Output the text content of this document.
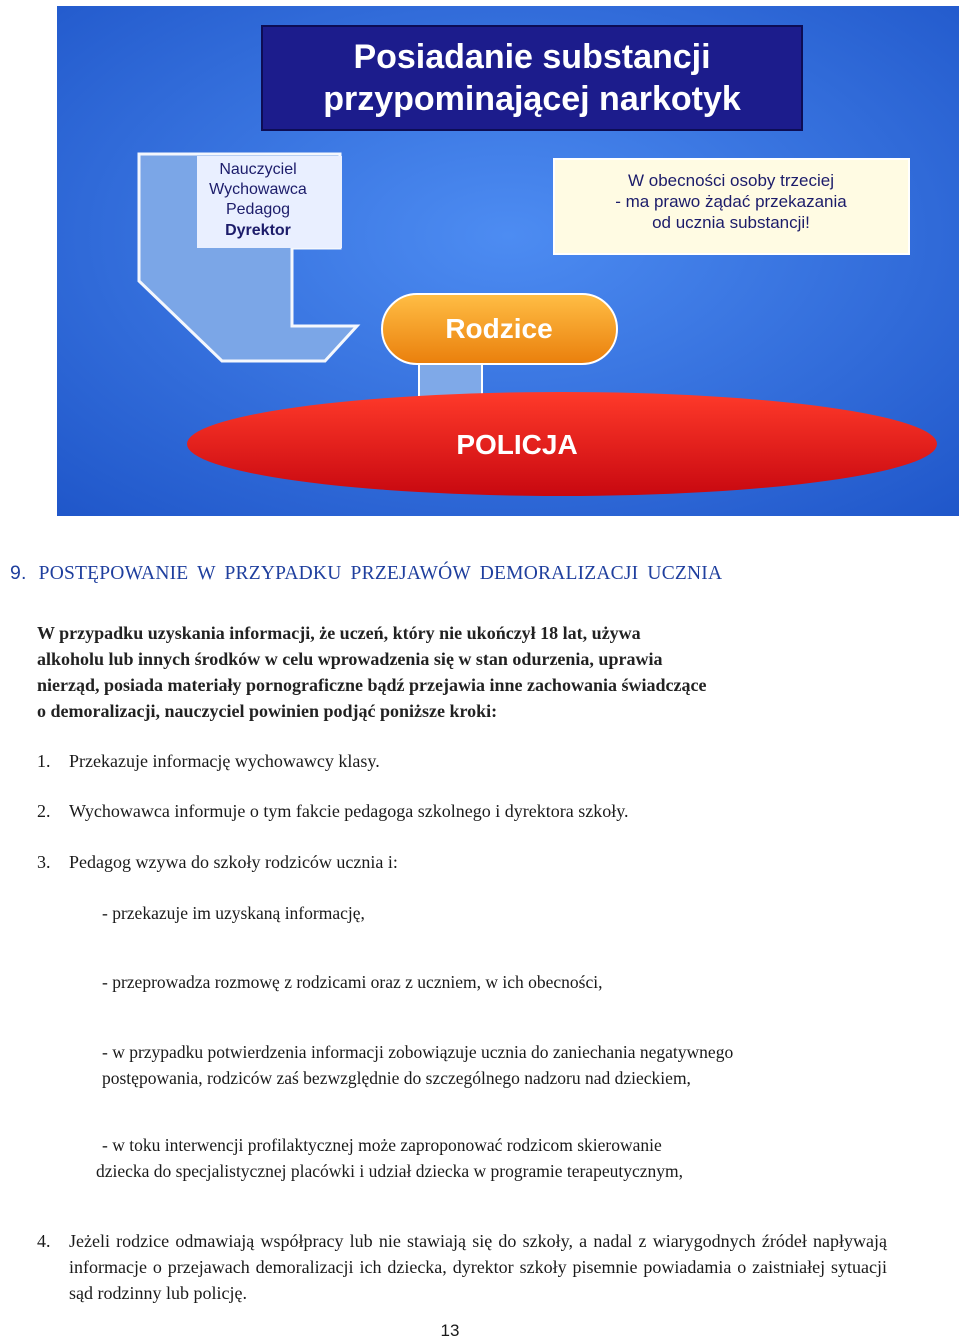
Posiadanie substancji
przypominającej narkotyk
Nauczyciel
Wychowawca
Pedagog
Dyrektor
W obecności osoby trzeciej
- ma prawo żądać przekazania
od ucznia substancji!
Rodzice
POLICJA
9. POSTĘPOWANIE W PRZYPADKU PRZEJAWÓW DEMORALIZACJI UCZNIA
W przypadku uzyskania informacji, że uczeń, który nie ukończył 18 lat, używa
alkoholu lub innych środków w celu wprowadzenia się w stan odurzenia, uprawia
nierząd, posiada materiały pornograficzne bądź przejawia inne zachowania świadczące
o demoralizacji, nauczyciel powinien podjąć poniższe kroki:
1. Przekazuje informację wychowawcy klasy.
2. Wychowawca informuje o tym fakcie pedagoga szkolnego i dyrektora szkoły.
3. Pedagog wzywa do szkoły rodziców ucznia i:
- przekazuje im uzyskaną informację,
- przeprowadza rozmowę z rodzicami oraz z uczniem, w ich obecności,
- w przypadku potwierdzenia informacji zobowiązuje ucznia do zaniechania negatywnego
postępowania, rodziców zaś bezwzględnie do szczególnego nadzoru nad dzieckiem,
- w toku interwencji profilaktycznej może zaproponować rodzicom skierowanie
dziecka do specjalistycznej placówki i udział dziecka w programie terapeutycznym,
4. Jeżeli rodzice odmawiają współpracy lub nie stawiają się do szkoły, a nadal z wiarygodnych źródeł napływają informacje o przejawach demoralizacji ich dziecka, dyrektor szkoły pisemnie powiadamia o zaistniałej sytuacji sąd rodzinny lub policję.
13
